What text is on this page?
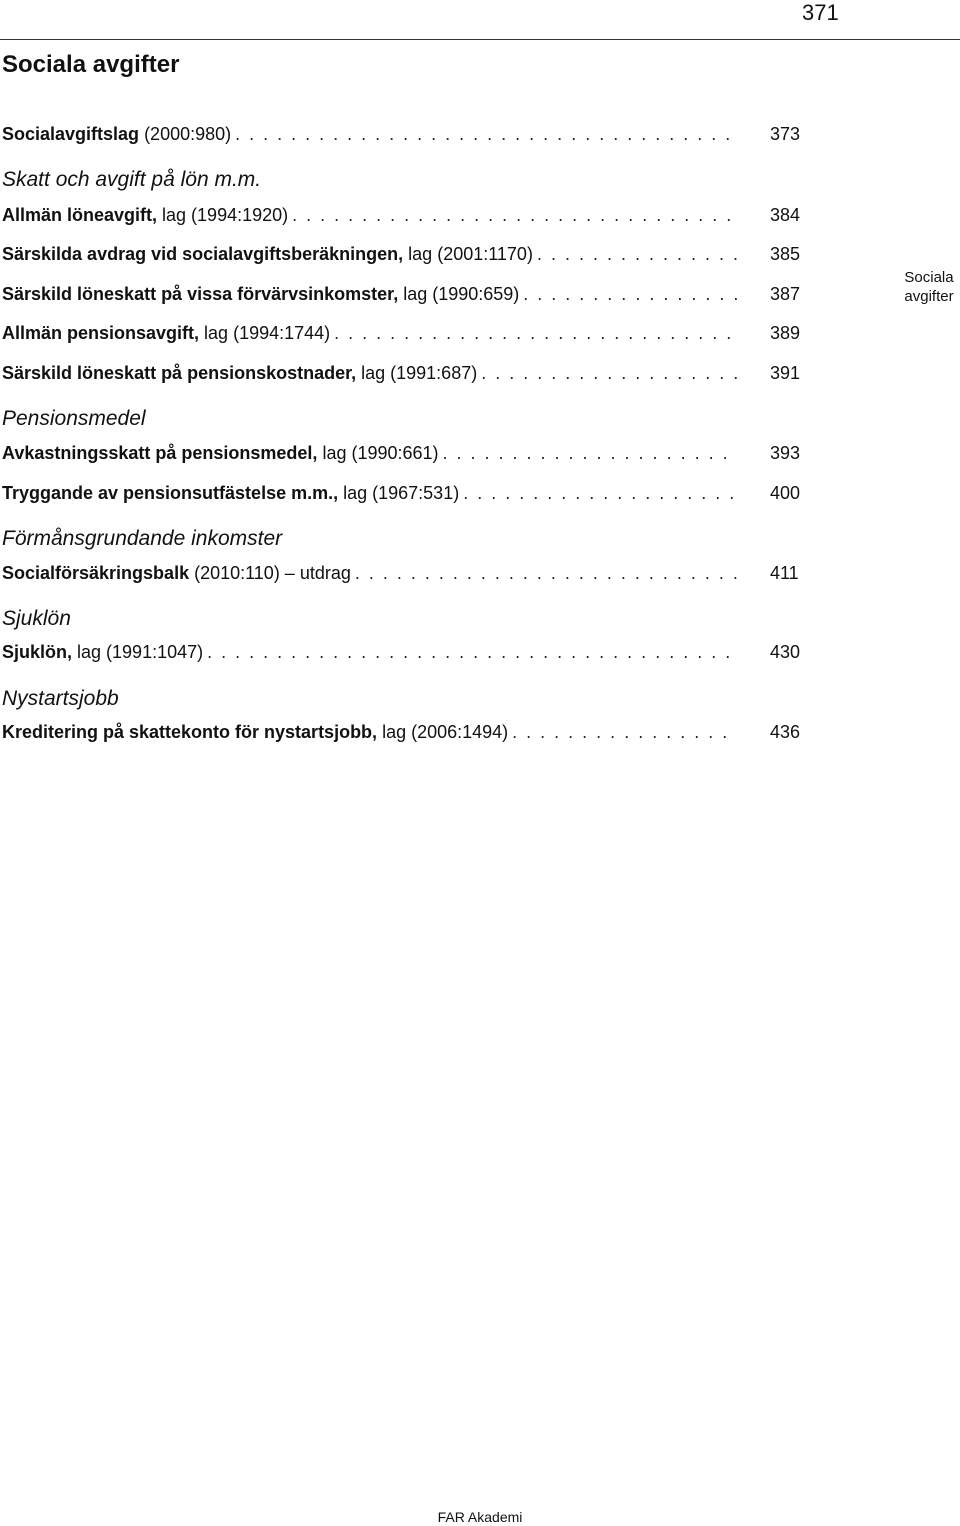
371
Sociala avgifter
Sociala
avgifter
Socialavgiftslag (2000:980) . . .	373
Skatt och avgift på lön m.m.
Allmän löneavgift, lag (1994:1920) . . .	384
Särskilda avdrag vid socialavgiftsberäkningen, lag (2001:1170) . . .	385
Särskild löneskatt på vissa förvärvsinkomster, lag (1990:659) . . .	387
Allmän pensionsavgift, lag (1994:1744) . . .	389
Särskild löneskatt på pensionskostnader, lag (1991:687) . . .	391
Pensionsmedel
Avkastningsskatt på pensionsmedel, lag (1990:661) . . .	393
Tryggande av pensionsutfästelse m.m., lag (1967:531) . . .	400
Förmånsgrundande inkomster
Socialförsäkringsbalk (2010:110) – utdrag . . .	411
Sjuklön
Sjuklön, lag (1991:1047) . . .	430
Nystartsjobb
Kreditering på skattekonto för nystartsjobb, lag (2006:1494) . . .	436
FAR Akademi
